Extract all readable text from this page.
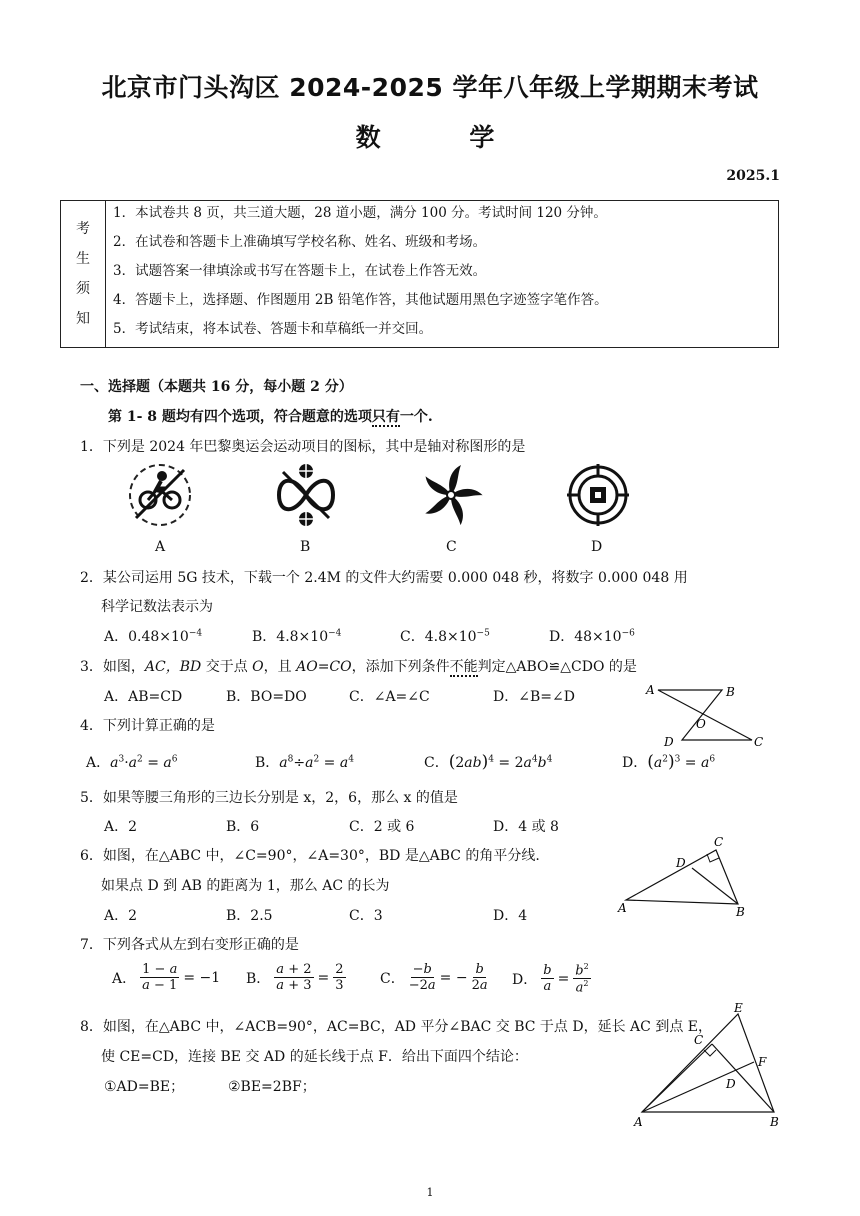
北京市门头沟区 2024-2025 学年八年级上学期期末考试
数 学
2025.1
考
生
须
知
1．本试卷共 8 页，共三道大题，28 道小题，满分 100 分。考试时间 120 分钟。
2．在试卷和答题卡上准确填写学校名称、姓名、班级和考场。
3．试题答案一律填涂或书写在答题卡上，在试卷上作答无效。
4．答题卡上，选择题、作图题用 2B 铅笔作答，其他试题用黑色字迹签字笔作答。
5．考试结束，将本试卷、答题卡和草稿纸一并交回。
一、选择题（本题共 16 分，每小题 2 分）
第 1- 8 题均有四个选项，符合题意的选项只有一个.
1．下列是 2024 年巴黎奥运会运动项目的图标，其中是轴对称图形的是
A	B	C	D
2．某公司运用 5G 技术，下载一个 2.4M 的文件大约需要 0.000 048 秒，将数字 0.000 048 用
科学记数法表示为
A．$0.48\times 10^{-4}$	B．$4.8\times 10^{-4}$	C．$4.8\times 10^{-5}$	D．$48\times 10^{-6}$
3．如图，AC，BD 交于点 O，且 AO=CO，添加下列条件不能判定△ABO≌△CDO 的是
A．AB=CD	B．BO=DO	C．∠A=∠C	D．∠B=∠D	A	B
O
D	C
4．下列计算正确的是
A．$a^3\cdot a^2 = a^6$	B．$a^8\div a^2 = a^4$	C．$(2ab)^4 = 2a^4b^4$	D．$(a^2)^3 = a^6$
5．如果等腰三角形的三边长分别是 x，2，6，那么 x 的值是
A．2	B．6	C．2 或 6	D．4 或 8
6．如图，在△ABC 中，∠C=90°，∠A=30°，BD 是△ABC 的角平分线.
如果点 D 到 AB 的距离为 1，那么 AC 的长为
A．2	B．2.5	C．3	D．4
C
D
A	B
7．下列各式从左到右变形正确的是
A．
1 − a
a − 1 = −1 B．
a + 2
a + 3 = 2
3	C．
−b
−2a = − b
2a D．
b
$a = b^2$
$a^2$
8．如图，在△ABC 中，∠ACB=90°，AC=BC，AD 平分∠BAC 交 BC 于点 D，延长 AC 到点 E，
使 CE=CD，连接 BE 交 AD 的延长线于点 F．给出下面四个结论：
①AD=BE；	②BE=2BF；
E
C
F
D
A	B
1
